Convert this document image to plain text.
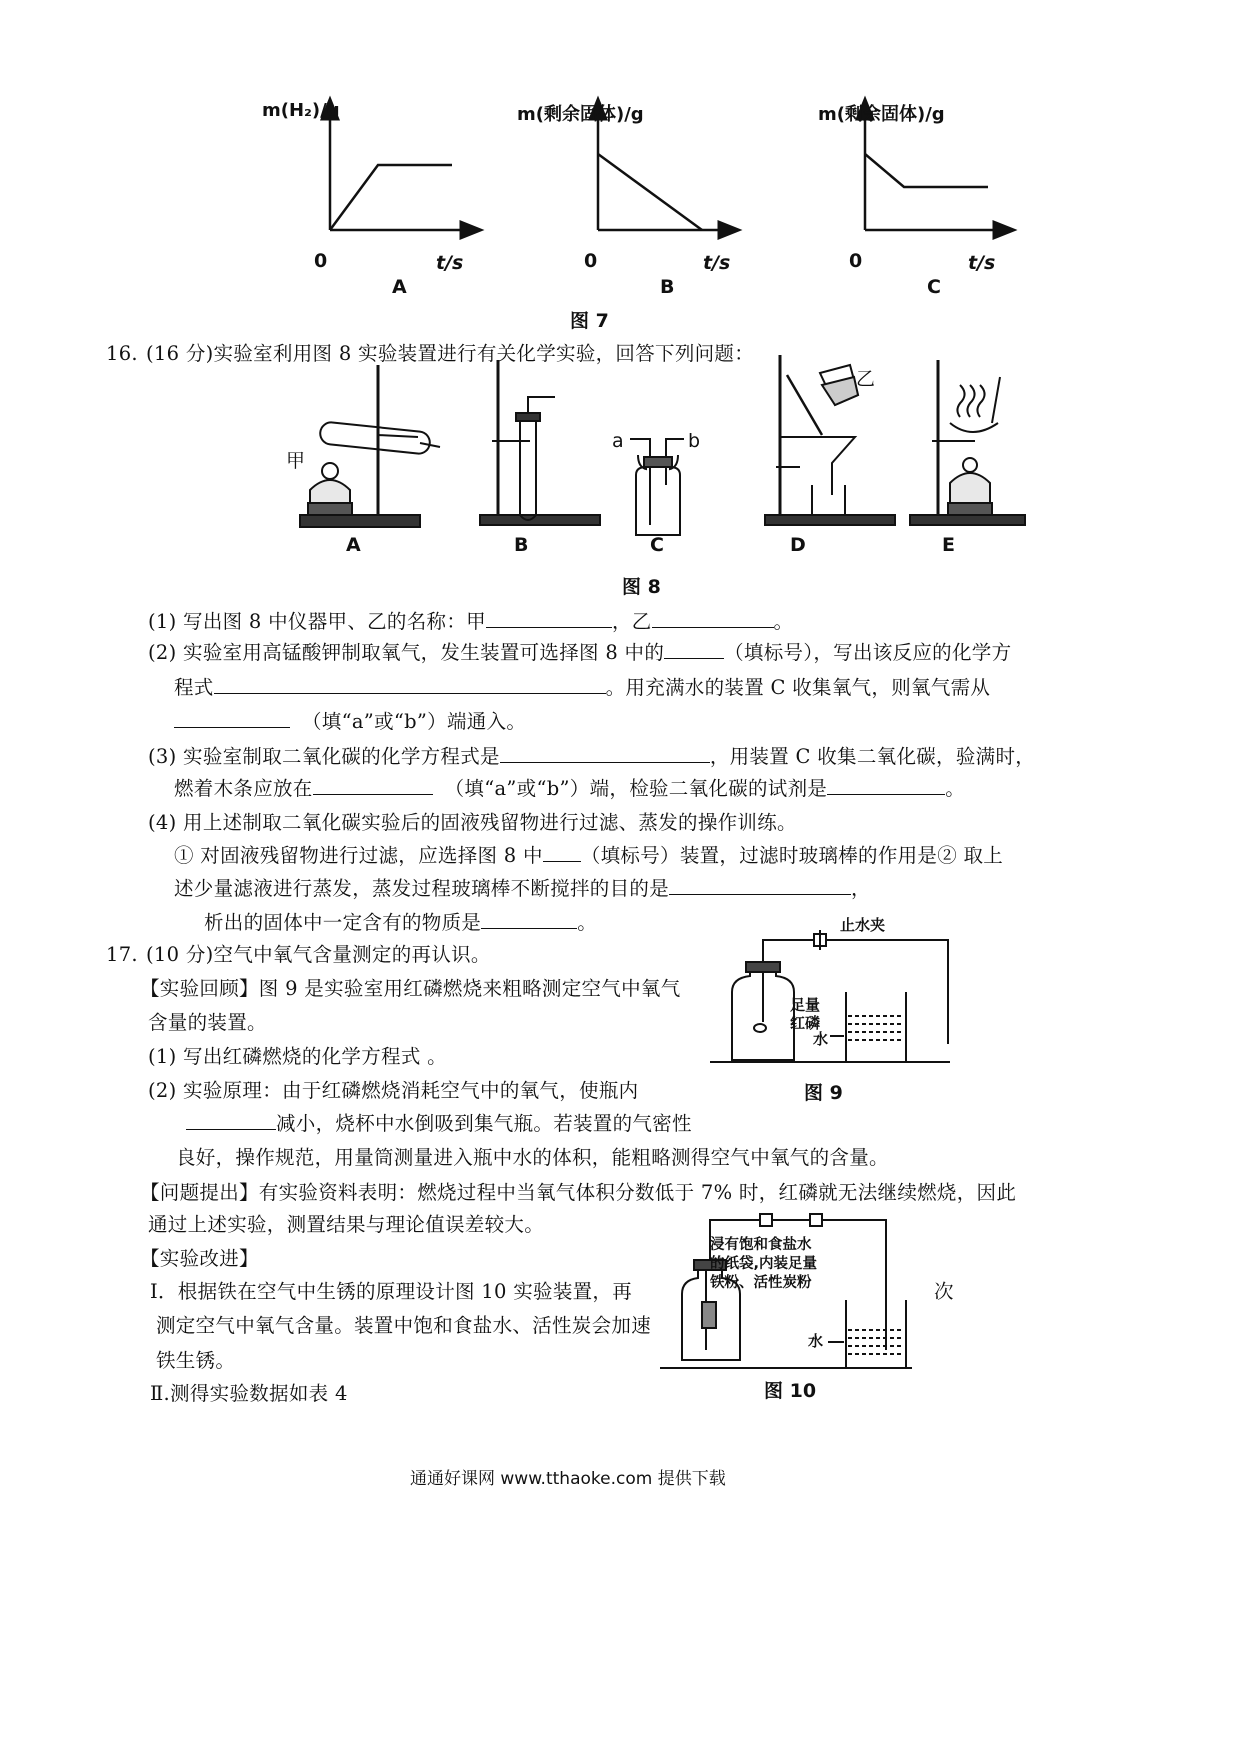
m(H₂)/g	m(剩余固体)/g	m(剩余固体)/g
0	0	0
t/s	t/s	t/s
A	B	C
图 7
16. (16 分)实验室利用图 8 实验装置进行有关化学实验，回答下列问题：
甲
乙
a	b
A	B	C	D	E
图 8
(1) 写出图 8 中仪器甲、乙的名称：甲	，乙	。
(2) 实验室用高锰酸钾制取氧气，发生装置可选择图 8 中的	（填标号），写出该反应的化学方
程式	。用充满水的装置 C 收集氧气，则氧气需从
（填“a”或“b”）端通入。
(3) 实验室制取二氧化碳的化学方程式是	，用装置 C 收集二氧化碳，验满时，
燃着木条应放在	（填“a”或“b”）端，检验二氧化碳的试剂是	。
(4) 用上述制取二氧化碳实验后的固液残留物进行过滤、蒸发的操作训练。
① 对固液残留物进行过滤，应选择图 8 中 （填标号）装置，过滤时玻璃棒的作用是② 取上
述少量滤液进行蒸发，蒸发过程玻璃棒不断搅拌的目的是	，
析出的固体中一定含有的物质是	。
17. (10 分)空气中氧气含量测定的再认识。
【实验回顾】图 9 是实验室用红磷燃烧来粗略测定空气中氧气
含量的装置。
(1) 写出红磷燃烧的化学方程式 。
(2) 实验原理：由于红磷燃烧消耗空气中的氧气，使瓶内
减小，烧杯中水倒吸到集气瓶。若装置的气密性
良好，操作规范，用量筒测量进入瓶中水的体积，能粗略测得空气中氧气的含量。
【问题提出】有实验资料表明：燃烧过程中当氧气体积分数低于 7% 时，红磷就无法继续燃烧，因此
通过上述实验，测置结果与理论值误差较大。
【实验改进】
Ⅰ．根据铁在空气中生锈的原理设计图 10 实验装置，再	次
测定空气中氧气含量。装置中饱和食盐水、活性炭会加速
铁生锈。
Ⅱ.测得实验数据如表 4
止水夹
足量
红磷
水
图 9
浸有饱和食盐水
的纸袋,内装足量
铁粉、活性炭粉
水
图 10
通通好课网 www.tthaoke.com 提供下载
